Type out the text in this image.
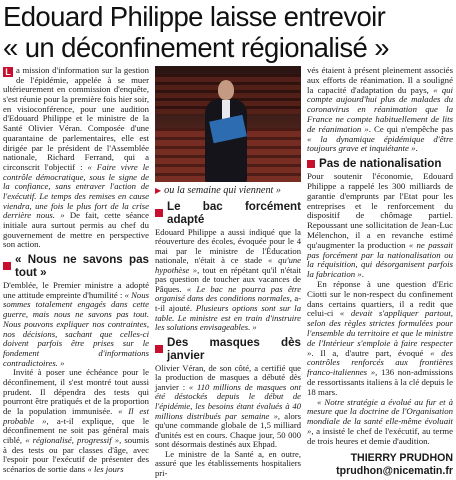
Edouard Philippe laisse entrevoir
« un déconfinement régionalisé »

L a mission d'information sur la gestion de l'épidémie, appelée à se muer ultérieurement en commission d'enquête, s'est réunie pour la première fois hier soir, en visioconférence, pour une audition d'Edouard Philippe et le ministre de la Santé Olivier Véran. Composée d'une quarantaine de parlementaires, elle est dirigée par le président de l'Assemblée nationale, Richard Ferrand, qui a circonscrit l'objectif : « Faire vivre le contrôle démocratique, sous le signe de la confiance, sans entraver l'action de l'exécutif. Le temps des remises en cause viendra, une fois le plus fort de la crise derrière nous. » De fait, cette séance initiale aura surtout permis au chef du gouvernement de mettre en perspective son action.

« Nous ne savons pas tout »

D'emblée, le Premier ministre a adopté une attitude empreinte d'humilité : « Nous sommes totalement engagés dans cette guerre, mais nous ne savons pas tout. Nous pouvons expliquer nos contraintes, nos décisions, sachant que celles-ci doivent parfois être prises sur le fondement d'informations contradictoires. »

Invité à poser une échéance pour le déconfinement, il s'est montré tout aussi prudent. Il dépendra des tests qui pourront être pratiqués et de la proportion de la population immunisée. « Il est probable », a-t-il explique, que le déconfinement ne soit pas général mais ciblé, « régionalisé, progressif », soumis à des tests ou par classes d'âge, avec l'espoir pour l'exécutif de présenter des scénarios de sortie dans « les jours

▶ ou la semaine qui viennent »
Le bac forcément adapté

Edouard Philippe a aussi indiqué que la réouverture des écoles, évoquée pour le 4 mai par le ministre de l'Éducation nationale, n'était à ce stade « qu'une hypothèse », tout en répétant qu'il n'était pas question de toucher aux vacances de Pâques. « Le bac ne pourra pas être organisé dans des conditions normales, a-t-il ajouté. Plusieurs options sont sur la table. Le ministre est en train d'instruire les solutions envisageables. »

Des masques dès janvier

Olivier Véran, de son côté, a certifié que la production de masques a débuté dès janvier : « 110 millions de masques ont été déstockés depuis le début de l'épidémie, les besoins étant évalués à 40 millions distribués par semaine », alors qu'une commande globale de 1,5 milliard d'unités est en cours. Chaque jour, 50 000 sont désormais destinés aux Ehpad.

Le ministre de la Santé a, en outre, assuré que les établissements hospitaliers pri-

vés étaient à présent pleinement associés aux efforts de réanimation. Il a souligné la capacité d'adaptation du pays, « qui compte aujourd'hui plus de malades du coronavirus en réanimation que la France ne compte habituellement de lits de réanimation ». Ce qui n'empêche pas « la dynamique épidémique d'être toujours grave et inquiétante ».

Pas de nationalisation

Pour soutenir l'économie, Edouard Philippe a rappelé les 300 milliards de garantie d'emprunts par l'Etat pour les entreprises et le renforcement du dispositif de chômage partiel. Repoussant une sollicitation de Jean-Luc Mélenchon, il a en revanche estimé qu'augmenter la production « ne passait pas forcément par la nationalisation ou la réquisition, qui désorganisent parfois la fabrication ».

En réponse à une question d'Eric Ciotti sur le non-respect du confinement dans certains quartiers, il a redit que celui-ci « devait s'appliquer partout, selon des règles strictes formulées pour l'ensemble du territoire et que le ministre de l'Intérieur s'emploie à faire respecter ». Il a, d'autre part, évoqué « des contrôles renforcés aux frontières franco-italiennes », 136 non-admissions de ressortissants italiens à la clé depuis le 18 mars.

« Notre stratégie a évolué au fur et à mesure que la doctrine de l'Organisation mondiale de la santé elle-même évoluait », a insisté le chef de l'exécutif, au terme de trois heures et demie d'audition.

THIERRY PRUDHON
tprudhon@nicematin.fr
